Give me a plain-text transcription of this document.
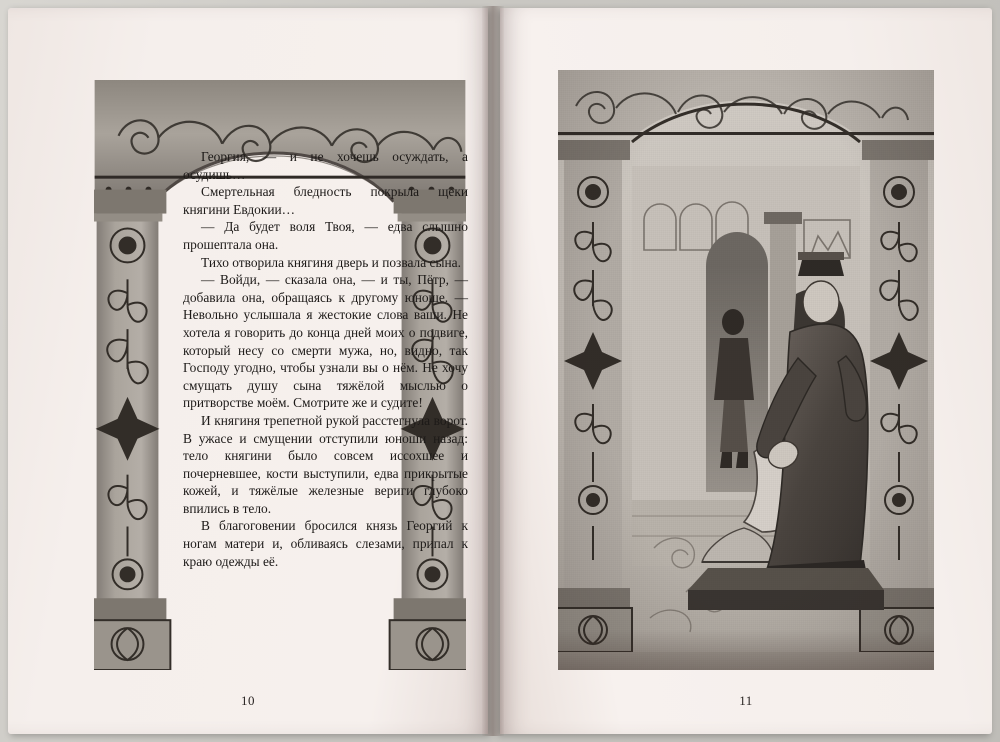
Георгия, — и не хочешь осуждать, а осудишь…

Смертельная бледность покрыла щеки княгини Евдокии…

— Да будет воля Твоя, — едва слышно прошептала она.

Тихо отворила княгиня дверь и позвала сына.

— Войди, — сказала она, — и ты, Пётр, — добавила она, обращаясь к другому юноше. — Невольно услышала я жестокие слова ваши. Не хотела я говорить до конца дней моих о подвиге, который несу со смерти мужа, но, видно, так Господу угодно, чтобы узнали вы о нём. Не хочу смущать душу сына тяжёлой мыслью о притворстве моём. Смотрите же и судите!

И княгиня трепетной рукой расстегнула ворот. В ужасе и смущении отступили юноши назад: тело княгини было совсем иссохшее и почерневшее, кости выступили, едва прикрытые кожей, и тяжёлые железные вериги глубоко впились в тело.

В благоговении бросился князь Георгий к ногам матери и, обливаясь слезами, припал к краю одежды её.

10	11
